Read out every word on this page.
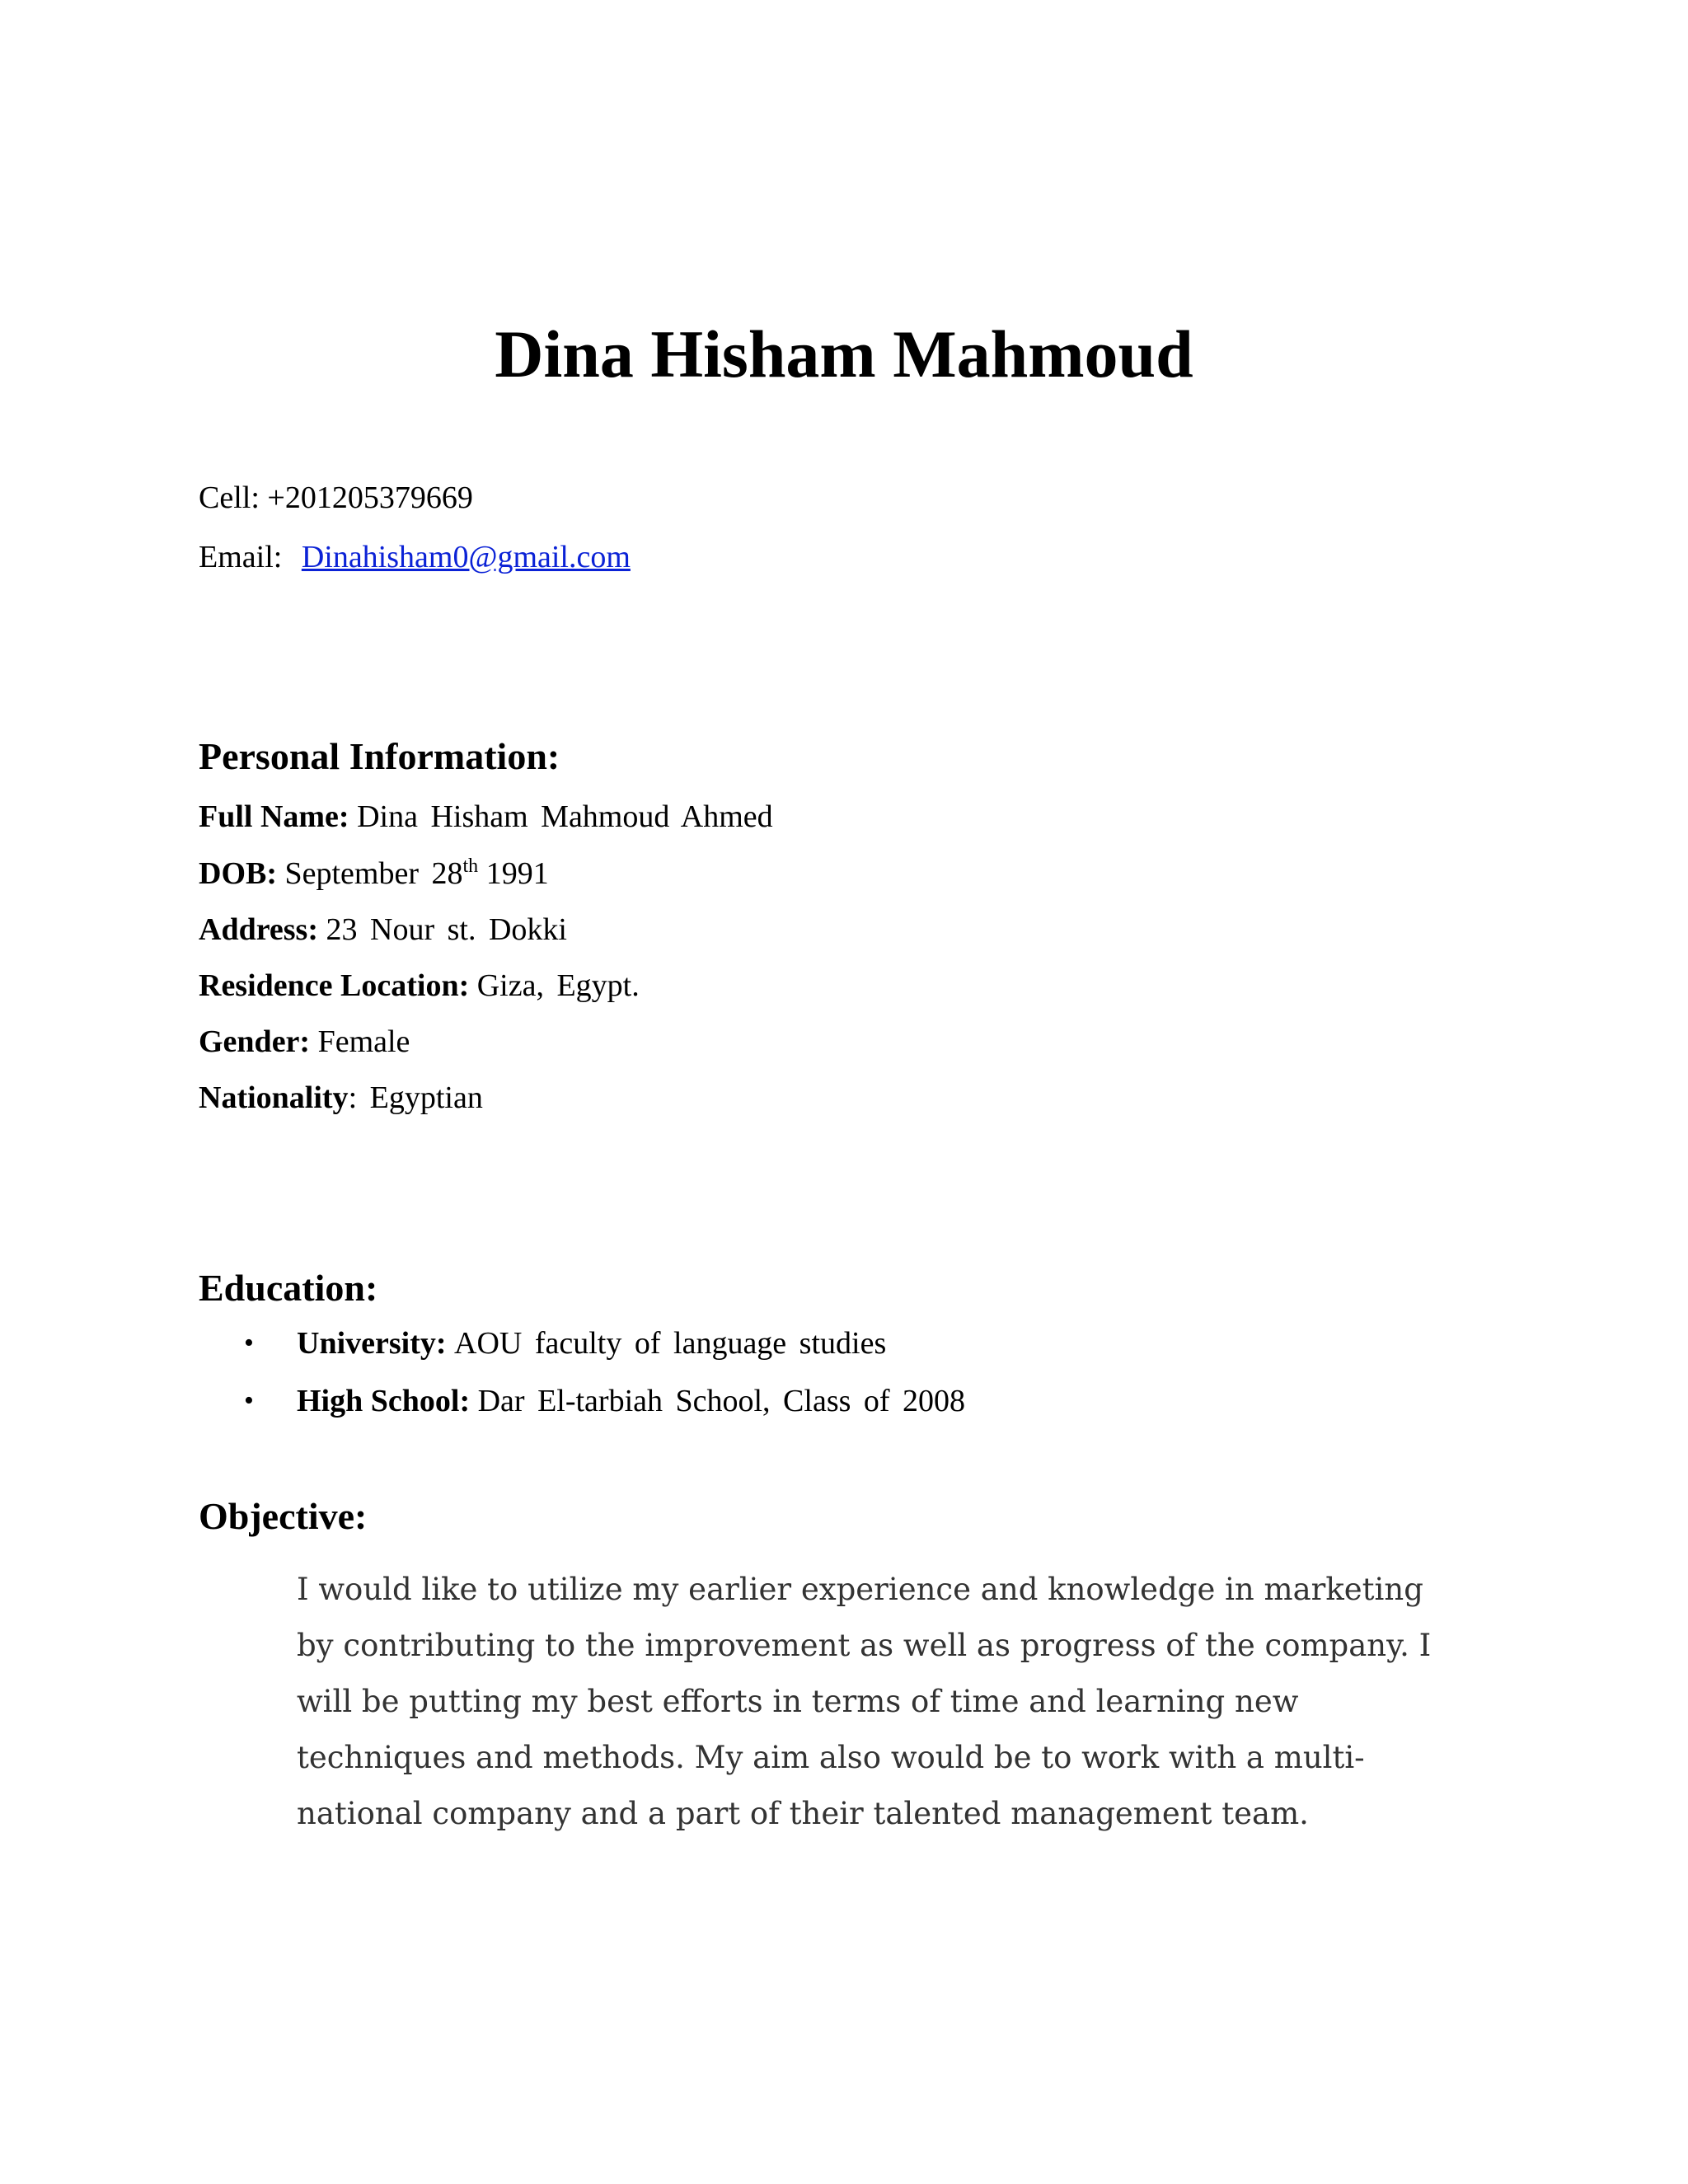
Dina Hisham Mahmoud
Cell: +201205379669
Email: Dinahisham0@gmail.com
Personal Information:
Full Name: Dina Hisham Mahmoud Ahmed
DOB: September 28th 1991
Address: 23 Nour st. Dokki
Residence Location: Giza, Egypt.
Gender: Female
Nationality: Egyptian
Education:
• University: AOU faculty of language studies
• High School: Dar El-tarbiah School, Class of 2008
Objective:

I would like to utilize my earlier experience and knowledge in marketing by contributing to the improvement as well as progress of the company. I will be putting my best efforts in terms of time and learning new techniques and methods. My aim also would be to work with a multi-national company and a part of their talented management team.
